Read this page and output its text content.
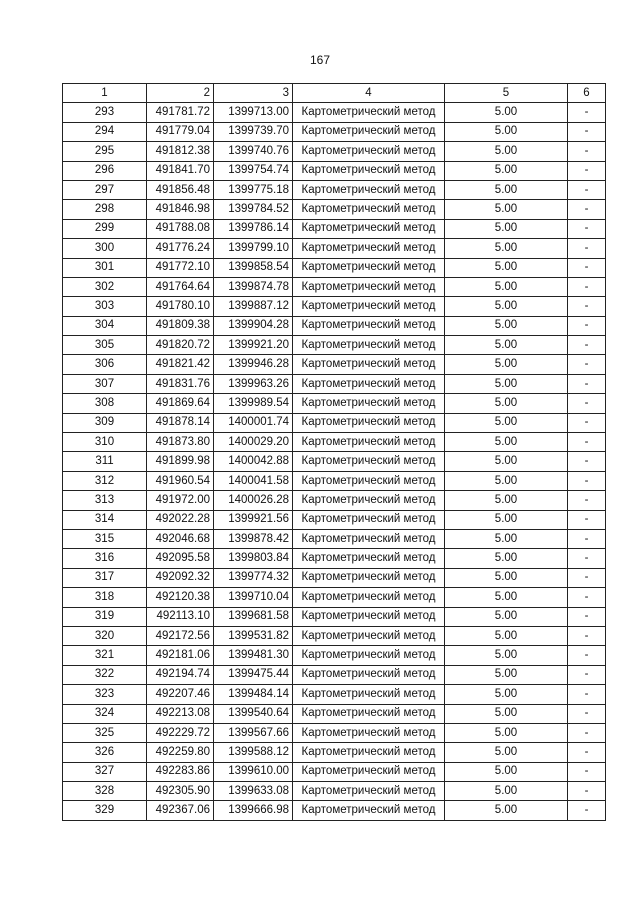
167
1	2	3	4	5	6
293	491781.72	1399713.00	Картометрический метод	5.00	-
294	491779.04	1399739.70	Картометрический метод	5.00	-
295	491812.38	1399740.76	Картометрический метод	5.00	-
296	491841.70	1399754.74	Картометрический метод	5.00	-
297	491856.48	1399775.18	Картометрический метод	5.00	-
298	491846.98	1399784.52	Картометрический метод	5.00	-
299	491788.08	1399786.14	Картометрический метод	5.00	-
300	491776.24	1399799.10	Картометрический метод	5.00	-
301	491772.10	1399858.54	Картометрический метод	5.00	-
302	491764.64	1399874.78	Картометрический метод	5.00	-
303	491780.10	1399887.12	Картометрический метод	5.00	-
304	491809.38	1399904.28	Картометрический метод	5.00	-
305	491820.72	1399921.20	Картометрический метод	5.00	-
306	491821.42	1399946.28	Картометрический метод	5.00	-
307	491831.76	1399963.26	Картометрический метод	5.00	-
308	491869.64	1399989.54	Картометрический метод	5.00	-
309	491878.14	1400001.74	Картометрический метод	5.00	-
310	491873.80	1400029.20	Картометрический метод	5.00	-
311	491899.98	1400042.88	Картометрический метод	5.00	-
312	491960.54	1400041.58	Картометрический метод	5.00	-
313	491972.00	1400026.28	Картометрический метод	5.00	-
314	492022.28	1399921.56	Картометрический метод	5.00	-
315	492046.68	1399878.42	Картометрический метод	5.00	-
316	492095.58	1399803.84	Картометрический метод	5.00	-
317	492092.32	1399774.32	Картометрический метод	5.00	-
318	492120.38	1399710.04	Картометрический метод	5.00	-
319	492113.10	1399681.58	Картометрический метод	5.00	-
320	492172.56	1399531.82	Картометрический метод	5.00	-
321	492181.06	1399481.30	Картометрический метод	5.00	-
322	492194.74	1399475.44	Картометрический метод	5.00	-
323	492207.46	1399484.14	Картометрический метод	5.00	-
324	492213.08	1399540.64	Картометрический метод	5.00	-
325	492229.72	1399567.66	Картометрический метод	5.00	-
326	492259.80	1399588.12	Картометрический метод	5.00	-
327	492283.86	1399610.00	Картометрический метод	5.00	-
328	492305.90	1399633.08	Картометрический метод	5.00	-
329	492367.06	1399666.98	Картометрический метод	5.00	-
